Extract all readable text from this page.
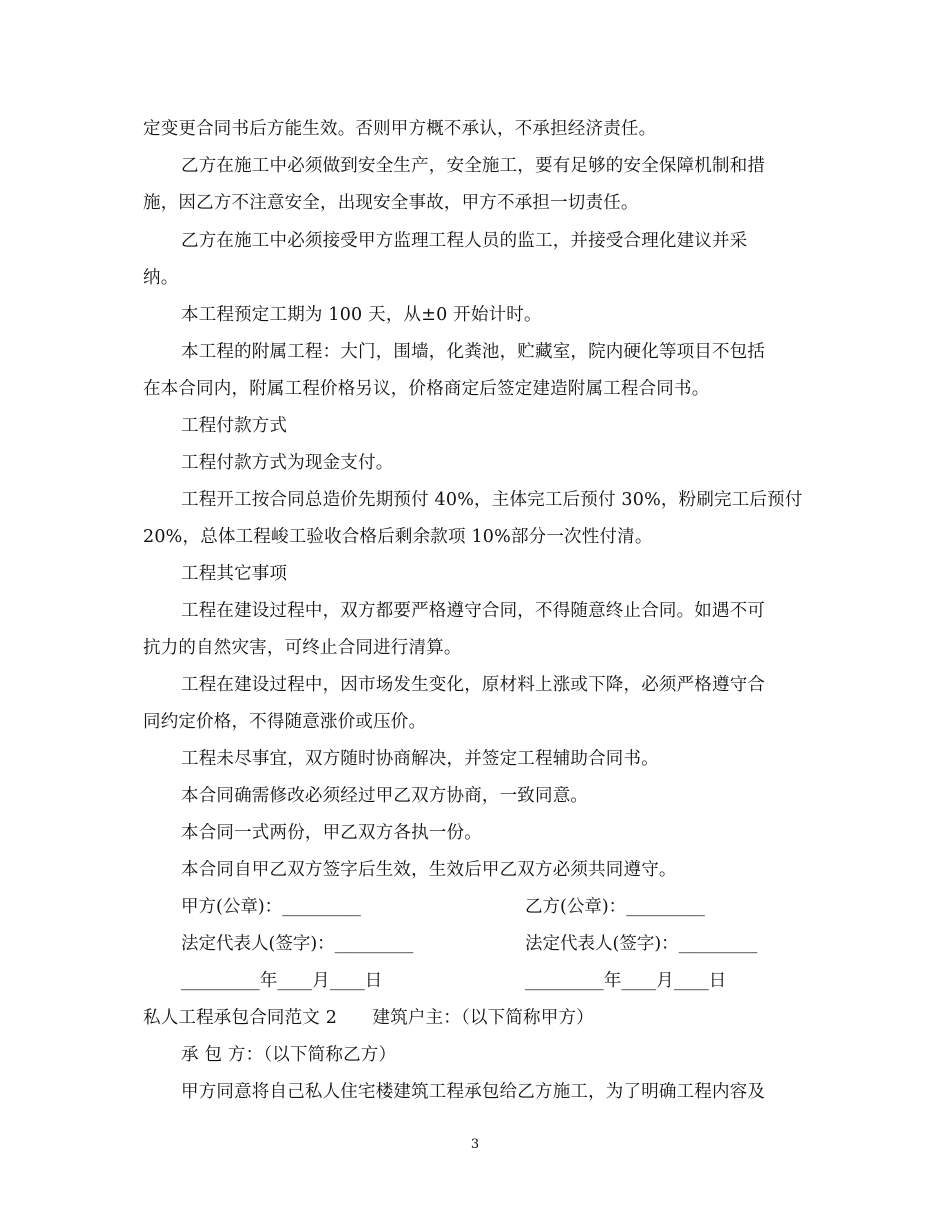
定变更合同书后方能生效。否则甲方概不承认，不承担经济责任。
乙方在施工中必须做到安全生产，安全施工，要有足够的安全保障机制和措
施，因乙方不注意安全，出现安全事故，甲方不承担一切责任。
乙方在施工中必须接受甲方监理工程人员的监工，并接受合理化建议并采
纳。
本工程预定工期为 100 天，从±0 开始计时。
本工程的附属工程：大门，围墙，化粪池，贮藏室，院内硬化等项目不包括
在本合同内，附属工程价格另议，价格商定后签定建造附属工程合同书。
工程付款方式
工程付款方式为现金支付。
工程开工按合同总造价先期预付 40%，主体完工后预付 30%，粉刷完工后预付
20%，总体工程峻工验收合格后剩余款项 10%部分一次性付清。
工程其它事项
工程在建设过程中，双方都要严格遵守合同，不得随意终止合同。如遇不可
抗力的自然灾害，可终止合同进行清算。
工程在建设过程中，因市场发生变化，原材料上涨或下降，必须严格遵守合
同约定价格，不得随意涨价或压价。
工程未尽事宜，双方随时协商解决，并签定工程辅助合同书。
本合同确需修改必须经过甲乙双方协商，一致同意。
本合同一式两份，甲乙双方各执一份。
本合同自甲乙双方签字后生效，生效后甲乙双方必须共同遵守。
甲方(公章)：_________	乙方(公章)：_________
法定代表人(签字)：_________	法定代表人(签字)：_________
_________年____月____日	_________年____月____日
私人工程承包合同范文 2　　建筑户主：（以下简称甲方）
承 包 方：（以下简称乙方）
甲方同意将自己私人住宅楼建筑工程承包给乙方施工，为了明确工程内容及
3
